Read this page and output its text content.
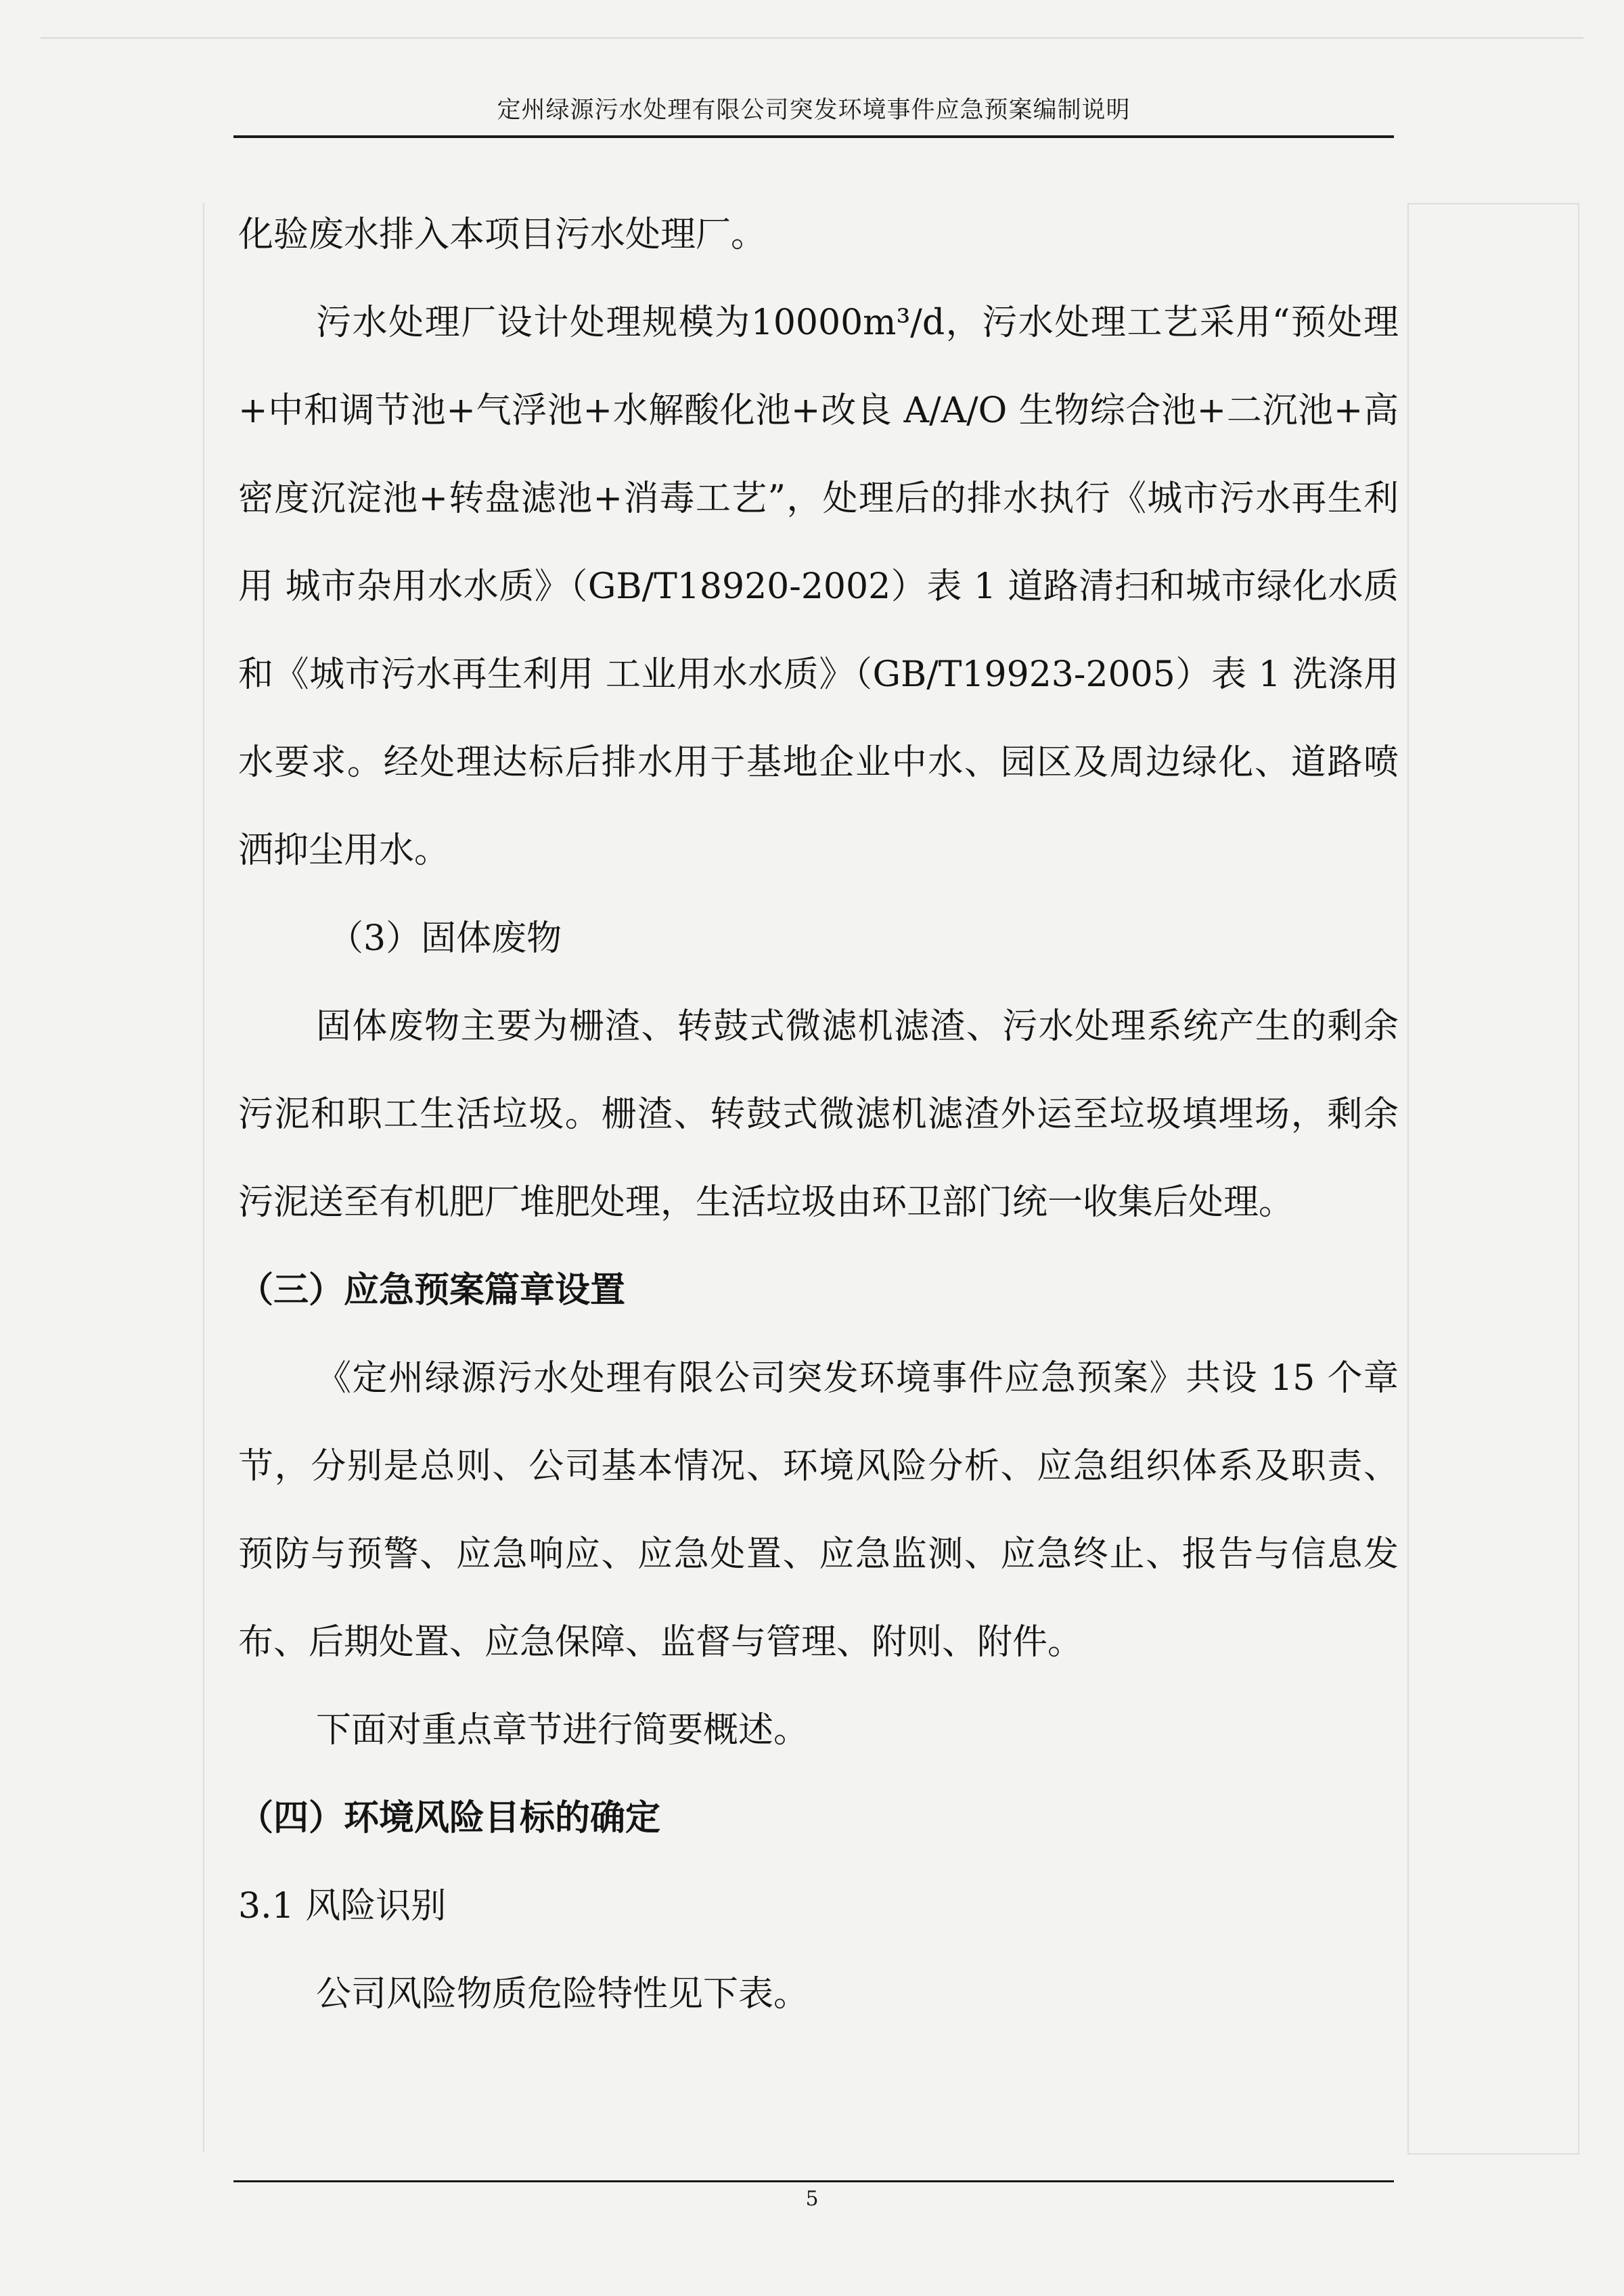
定州绿源污水处理有限公司突发环境事件应急预案编制说明

化验废水排入本项目污水处理厂。

污水处理厂设计处理规模为10000m³/d，污水处理工艺采用“预处理+中和调节池+气浮池+水解酸化池+改良 A/A/O 生物综合池+二沉池+高密度沉淀池+转盘滤池+消毒工艺”，处理后的排水执行《城市污水再生利用 城市杂用水水质》（GB/T18920-2002）表 1 道路清扫和城市绿化水质和《城市污水再生利用 工业用水水质》（GB/T19923-2005）表 1 洗涤用水要求。经处理达标后排水用于基地企业中水、园区及周边绿化、道路喷洒抑尘用水。

（3）固体废物

固体废物主要为栅渣、转鼓式微滤机滤渣、污水处理系统产生的剩余污泥和职工生活垃圾。栅渣、转鼓式微滤机滤渣外运至垃圾填埋场，剩余污泥送至有机肥厂堆肥处理，生活垃圾由环卫部门统一收集后处理。

（三）应急预案篇章设置

《定州绿源污水处理有限公司突发环境事件应急预案》共设 15 个章节，分别是总则、公司基本情况、环境风险分析、应急组织体系及职责、预防与预警、应急响应、应急处置、应急监测、应急终止、报告与信息发布、后期处置、应急保障、监督与管理、附则、附件。

下面对重点章节进行简要概述。

（四）环境风险目标的确定

3.1 风险识别

公司风险物质危险特性见下表。

5
